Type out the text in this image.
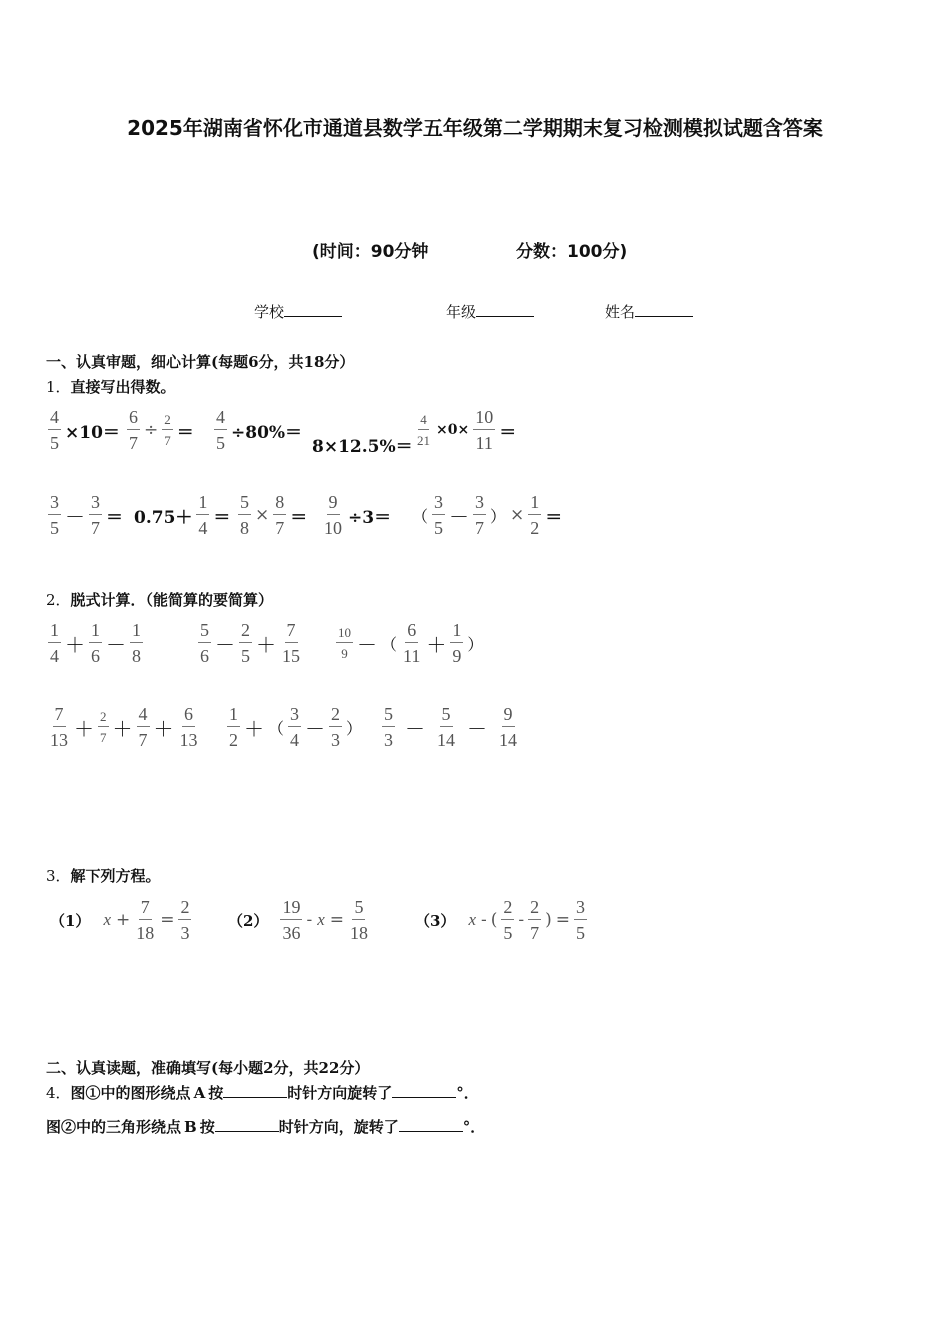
2025年湖南省怀化市通道县数学五年级第二学期期末复习检测模拟试题含答案
(时间：90分钟	分数：100分)
学校	年级	姓名
一、认真审题，细心计算(每题6分，共18分）
1．直接写出得数。
$\frac{4}{5} \times 10= \frac{6}{7} \div \frac{2}{7} = \frac{4}{5} \div 80\%=$
$8\times 12.5\%= \frac{4}{21} \times 0\times \frac{10}{11}$ ＝
3
5 －
3
7
＝ 0.75＋
1
4
＝ $\frac{5}{8} \times \frac{8}{7} = \frac{9}{10} \div 3=$ （
3
5 －
3
7
） × $\frac{1}{2}$ ＝
2．脱式计算．（能简算的要简算）
1
4 ＋
1
6 －
1
8
5
6 －
2
5 ＋
7
15
10
9 － （
6
11 ＋
1
9
）
7
13 ＋ 2
7 ＋
4
7 ＋
6
13
1
2 ＋ （
3
4 －
2
3
）
5
3 －
5
14 －
9
14
3．解下列方程。
（1） $x + \frac{7}{18} = \frac{2}{3} (2)$
19
36
- $x = \frac{5}{18}$	（3） x - (
2
5
-
2
7
) = $\frac{3}{5}$
二、认真读题，准确填写(每小题2分，共22分）
4．图①中的图形绕点 A 按	时针方向旋转了	°．
图②中的三角形绕点 B 按	时针方向，旋转了	°．
